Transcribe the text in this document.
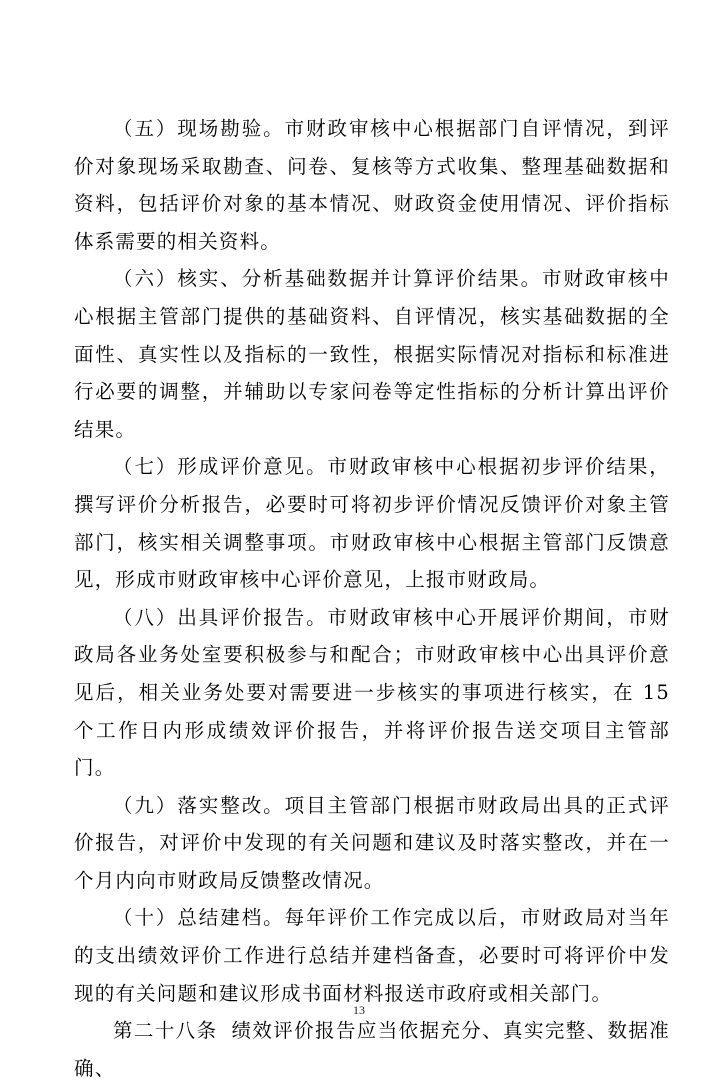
（五）现场勘验。市财政审核中心根据部门自评情况，到评价对象现场采取勘查、问卷、复核等方式收集、整理基础数据和资料，包括评价对象的基本情况、财政资金使用情况、评价指标体系需要的相关资料。

（六）核实、分析基础数据并计算评价结果。市财政审核中心根据主管部门提供的基础资料、自评情况，核实基础数据的全面性、真实性以及指标的一致性，根据实际情况对指标和标准进行必要的调整，并辅助以专家问卷等定性指标的分析计算出评价结果。

（七）形成评价意见。市财政审核中心根据初步评价结果，撰写评价分析报告，必要时可将初步评价情况反馈评价对象主管部门，核实相关调整事项。市财政审核中心根据主管部门反馈意见，形成市财政审核中心评价意见，上报市财政局。

（八）出具评价报告。市财政审核中心开展评价期间，市财政局各业务处室要积极参与和配合；市财政审核中心出具评价意见后，相关业务处要对需要进一步核实的事项进行核实，在 15 个工作日内形成绩效评价报告，并将评价报告送交项目主管部门。

（九）落实整改。项目主管部门根据市财政局出具的正式评价报告，对评价中发现的有关问题和建议及时落实整改，并在一个月内向市财政局反馈整改情况。

（十）总结建档。每年评价工作完成以后，市财政局对当年的支出绩效评价工作进行总结并建档备查，必要时可将评价中发现的有关问题和建议形成书面材料报送市政府或相关部门。

第二十八条 绩效评价报告应当依据充分、真实完整、数据准确、

13
